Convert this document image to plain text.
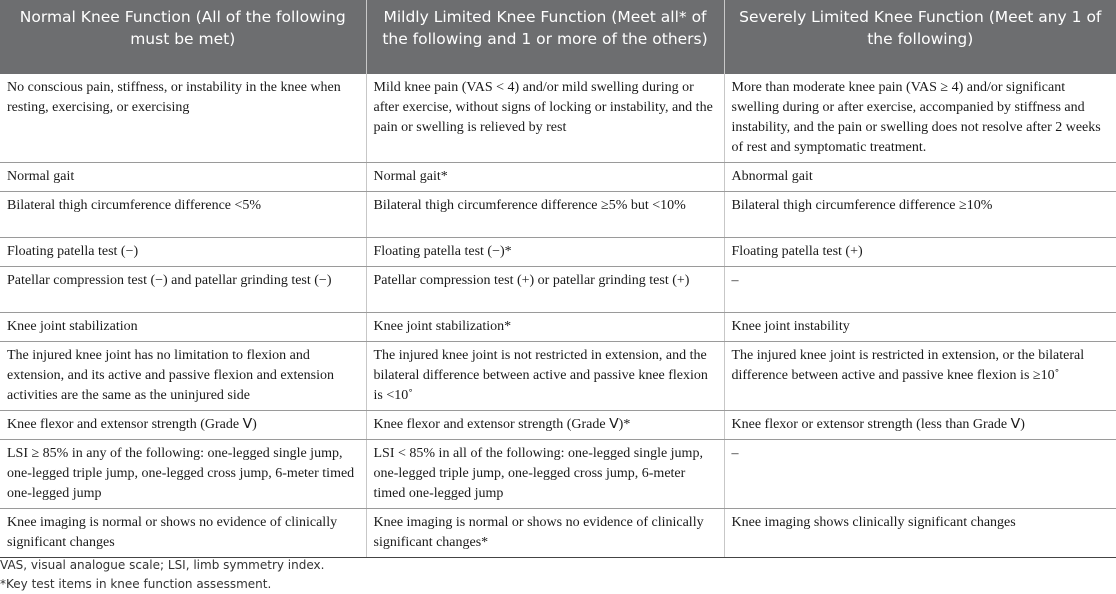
Normal Knee Function (All of the following must be met)	Mildly Limited Knee Function (Meet all* of the following and 1 or more of the others)	Severely Limited Knee Function (Meet any 1 of the following)
No conscious pain, stiffness, or instability in the knee when resting, exercising, or exercising	Mild knee pain (VAS < 4) and/or mild swelling during or after exercise, without signs of locking or instability, and the pain or swelling is relieved by rest	More than moderate knee pain (VAS ≥ 4) and/or significant swelling during or after exercise, accompanied by stiffness and instability, and the pain or swelling does not resolve after 2 weeks of rest and symptomatic treatment.
Normal gait	Normal gait*	Abnormal gait
Bilateral thigh circumference difference <5%	Bilateral thigh circumference difference ≥5% but <10%	Bilateral thigh circumference difference ≥10%
Floating patella test (−)	Floating patella test (−)*	Floating patella test (+)
Patellar compression test (−) and patellar grinding test (−)	Patellar compression test (+) or patellar grinding test (+)	–
Knee joint stabilization	Knee joint stabilization*	Knee joint instability
The injured knee joint has no limitation to flexion and extension, and its active and passive flexion and extension activities are the same as the uninjured side	The injured knee joint is not restricted in extension, and the bilateral difference between active and passive knee flexion is <10˚	The injured knee joint is restricted in extension, or the bilateral difference between active and passive knee flexion is ≥10˚
Knee flexor and extensor strength (Grade Ⅴ)	Knee flexor and extensor strength (Grade Ⅴ)*	Knee flexor or extensor strength (less than Grade Ⅴ)
LSI ≥ 85% in any of the following: one-legged single jump, one-legged triple jump, one-legged cross jump, 6-meter timed one-legged jump	LSI < 85% in all of the following: one-legged single jump, one-legged triple jump, one-legged cross jump, 6-meter timed one-legged jump	–
Knee imaging is normal or shows no evidence of clinically significant changes	Knee imaging is normal or shows no evidence of clinically significant changes*	Knee imaging shows clinically significant changes
VAS, visual analogue scale; LSI, limb symmetry index.
*Key test items in knee function assessment.
